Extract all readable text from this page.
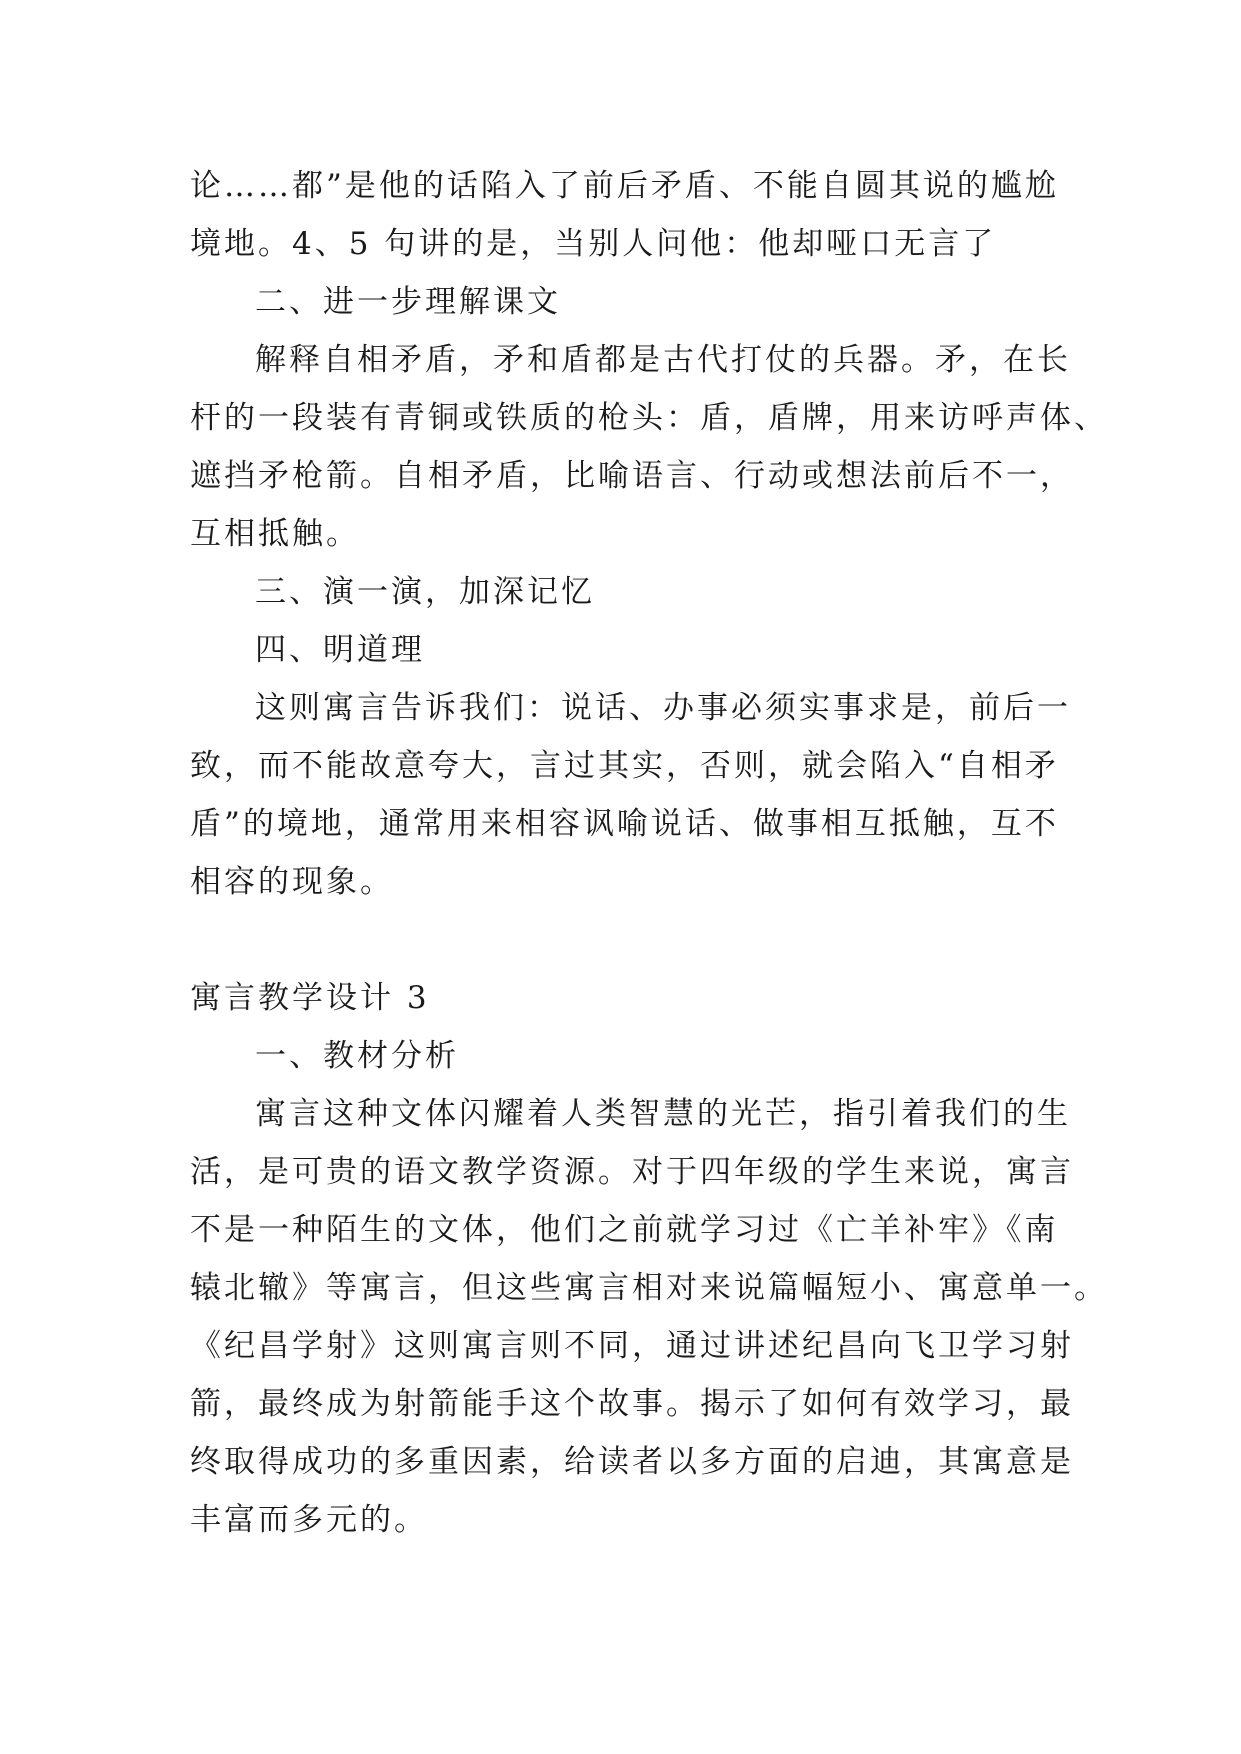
论……都”是他的话陷入了前后矛盾、不能自圆其说的尴尬
境地。4、5 句讲的是，当别人问他：他却哑口无言了
二、进一步理解课文
解释自相矛盾，矛和盾都是古代打仗的兵器。矛，在长
杆的一段装有青铜或铁质的枪头：盾，盾牌，用来访呼声体、
遮挡矛枪箭。自相矛盾，比喻语言、行动或想法前后不一，
互相抵触。
三、演一演，加深记忆
四、明道理
这则寓言告诉我们：说话、办事必须实事求是，前后一
致，而不能故意夸大，言过其实，否则，就会陷入“自相矛
盾”的境地，通常用来相容讽喻说话、做事相互抵触，互不
相容的现象。
寓言教学设计 3
一、教材分析
寓言这种文体闪耀着人类智慧的光芒，指引着我们的生
活，是可贵的语文教学资源。对于四年级的学生来说，寓言
不是一种陌生的文体，他们之前就学习过《亡羊补牢》《南
辕北辙》等寓言，但这些寓言相对来说篇幅短小、寓意单一。
《纪昌学射》这则寓言则不同，通过讲述纪昌向飞卫学习射
箭，最终成为射箭能手这个故事。揭示了如何有效学习，最
终取得成功的多重因素，给读者以多方面的启迪，其寓意是
丰富而多元的。
